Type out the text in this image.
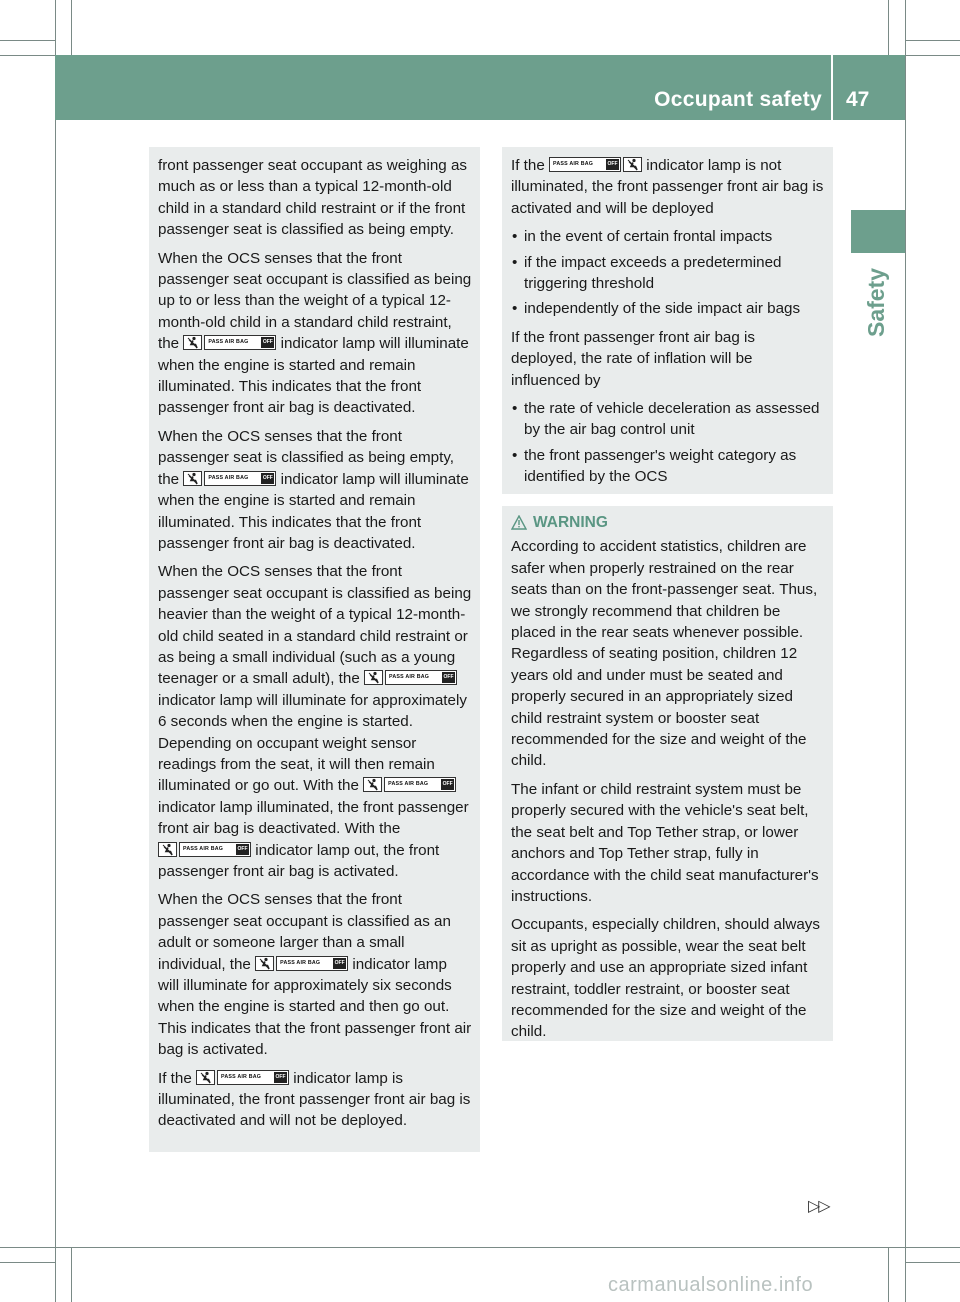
Occupant safety 47
Safety

front passenger seat occupant as weighing as much as or less than a typical 12-month-old child in a standard child restraint or if the front passenger seat is classified as being empty.

When the OCS senses that the front passenger seat occupant is classified as being up to or less than the weight of a typical 12-month-old child in a standard child restraint, the	PASS AIR BAG	OFF indicator lamp will illuminate when the engine is started and remain illuminated. This indicates that the front passenger front air bag is deactivated.

When the OCS senses that the front passenger seat is classified as being empty, the	PASS AIR BAG	OFF indicator lamp will illuminate when the engine is started and remain illuminated. This indicates that the front passenger front air bag is deactivated.

When the OCS senses that the front passenger seat occupant is classified as being heavier than the weight of a typical 12-month-old child seated in a standard child restraint or as being a small individual (such as a young teenager or a small adult), the	PASS AIR BAG	OFF
indicator lamp will illuminate for approximately 6 seconds when the engine is started. Depending on occupant weight sensor readings from the seat, it will then remain illuminated or go out. With the	PASS AIR BAG	OFF
indicator lamp illuminated, the front passenger front air bag is deactivated. With the
PASS AIR BAG	OFF indicator lamp out, the front passenger front air bag is activated.

When the OCS senses that the front passenger seat occupant is classified as an adult or someone larger than a small individual, the	PASS AIR BAG	OFF indicator lamp will illuminate for approximately six seconds when the engine is started and then go out. This indicates that the front passenger front air bag is activated.

If the	PASS AIR BAG	OFF indicator lamp is illuminated, the front passenger front air bag is deactivated and will not be deployed.

If the PASS AIR BAG	OFF indicator lamp is not illuminated, the front passenger front air bag is activated and will be deployed

• in the event of certain frontal impacts
• if the impact exceeds a predetermined triggering threshold
• independently of the side impact air bags

If the front passenger front air bag is deployed, the rate of inflation will be influenced by

• the rate of vehicle deceleration as assessed by the air bag control unit
• the front passenger's weight category as identified by the OCS
WARNING

According to accident statistics, children are safer when properly restrained on the rear seats than on the front-passenger seat. Thus, we strongly recommend that children be placed in the rear seats whenever possible. Regardless of seating position, children 12 years old and under must be seated and properly secured in an appropriately sized child restraint system or booster seat recommended for the size and weight of the child.

The infant or child restraint system must be properly secured with the vehicle's seat belt, the seat belt and Top Tether strap, or lower anchors and Top Tether strap, fully in accordance with the child seat manufacturer's instructions.

Occupants, especially children, should always sit as upright as possible, wear the seat belt properly and use an appropriate sized infant restraint, toddler restraint, or booster seat recommended for the size and weight of the child.

▷▷
carmanualsonline.info
